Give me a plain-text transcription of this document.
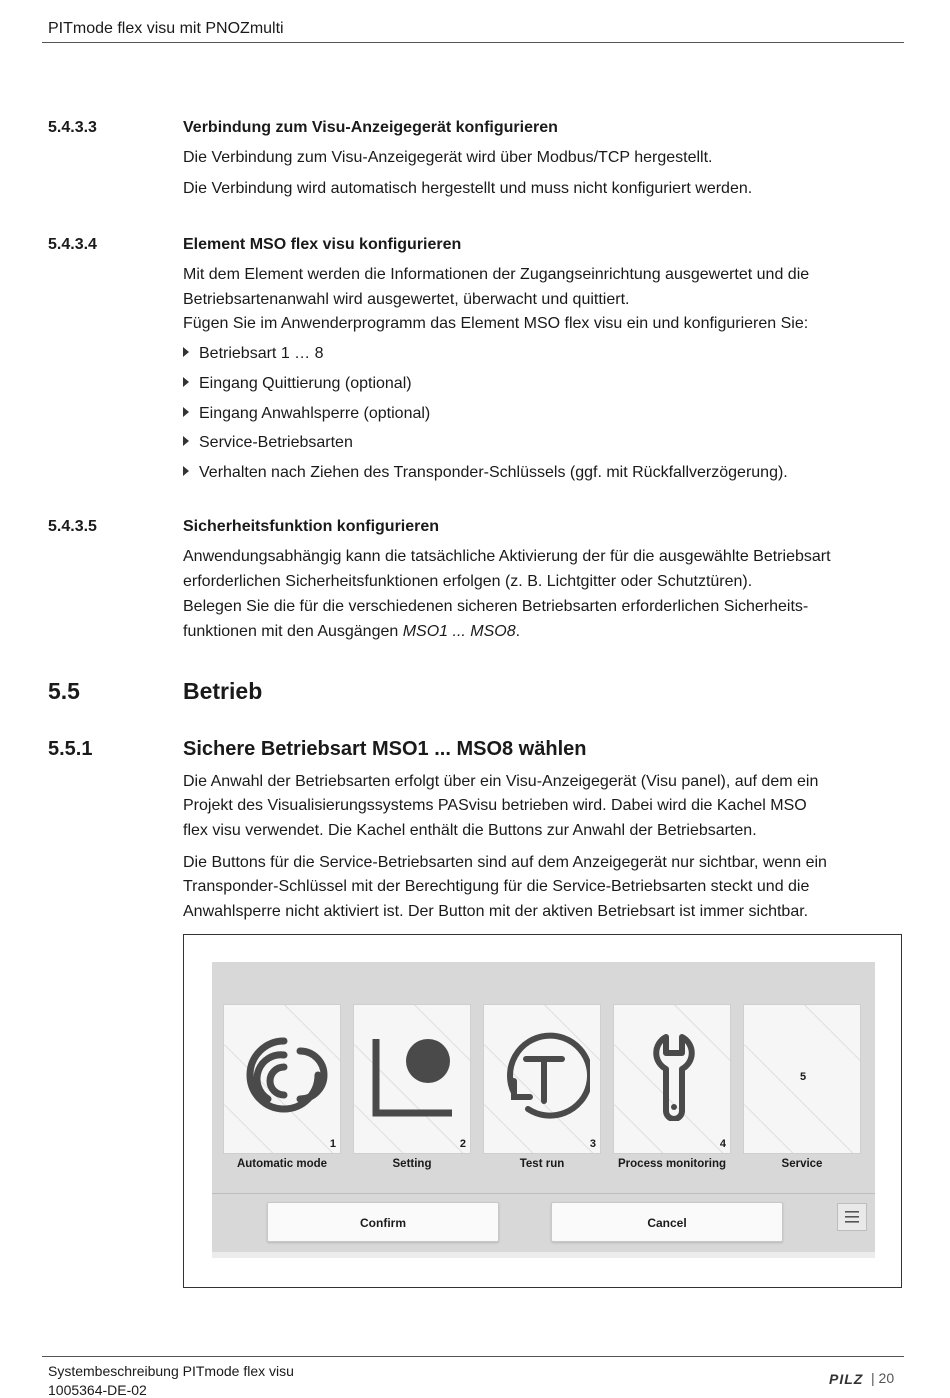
PITmode flex visu mit PNOZmulti
5.4.3.3	Verbindung zum Visu-Anzeigegerät konfigurieren
Die Verbindung zum Visu-Anzeigegerät wird über Modbus/TCP hergestellt.
Die Verbindung wird automatisch hergestellt und muss nicht konfiguriert werden.
5.4.3.4	Element MSO flex visu konfigurieren
Mit dem Element werden die Informationen der Zugangseinrichtung ausgewertet und die
Betriebsartenanwahl wird ausgewertet, überwacht und quittiert.
Fügen Sie im Anwenderprogramm das Element MSO flex visu ein und konfigurieren Sie:
Betriebsart 1 … 8
Eingang Quittierung (optional)
Eingang Anwahlsperre (optional)
Service-Betriebsarten
Verhalten nach Ziehen des Transponder-Schlüssels (ggf. mit Rückfallverzögerung).
5.4.3.5	Sicherheitsfunktion konfigurieren
Anwendungsabhängig kann die tatsächliche Aktivierung der für die ausgewählte Betriebsart
erforderlichen Sicherheitsfunktionen erfolgen (z. B. Lichtgitter oder Schutztüren).
Belegen Sie die für die verschiedenen sicheren Betriebsarten erforderlichen Sicherheits-
funktionen mit den Ausgängen MSO1 ... MSO8.
5.5	Betrieb
5.5.1	Sichere Betriebsart MSO1 ... MSO8 wählen
Die Anwahl der Betriebsarten erfolgt über ein Visu-Anzeigegerät (Visu panel), auf dem ein
Projekt des Visualisierungssystems PASvisu betrieben wird. Dabei wird die Kachel MSO
flex visu verwendet. Die Kachel enthält die Buttons zur Anwahl der Betriebsarten.
Die Buttons für die Service-Betriebsarten sind auf dem Anzeigegerät nur sichtbar, wenn ein
Transponder-Schlüssel mit der Berechtigung für die Service-Betriebsarten steckt und die
Anwahlsperre nicht aktiviert ist. Der Button mit der aktiven Betriebsart ist immer sichtbar.
1
Automatic mode
2
Setting
3
Test run
4
Process monitoring
5
Service
Confirm	Cancel
Systembeschreibung PITmode flex visu
1005364-DE-02
PILZ | 20
